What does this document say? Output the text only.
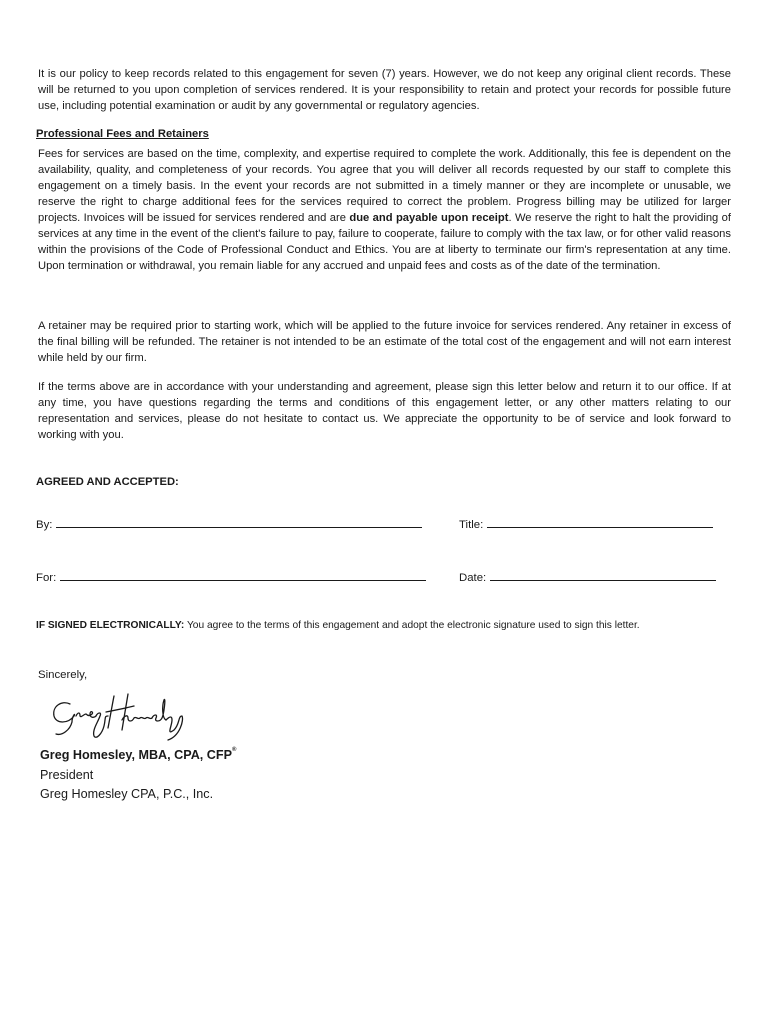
It is our policy to keep records related to this engagement for seven (7) years. However, we do not keep any original client records. These will be returned to you upon completion of services rendered. It is your responsibility to retain and protect your records for possible future use, including potential examination or audit by any governmental or regulatory agencies.

Professional Fees and Retainers

Fees for services are based on the time, complexity, and expertise required to complete the work. Additionally, this fee is dependent on the availability, quality, and completeness of your records. You agree that you will deliver all records requested by our staff to complete this engagement on a timely basis. In the event your records are not submitted in a timely manner or they are incomplete or unusable, we reserve the right to charge additional fees for the services required to correct the problem. Progress billing may be utilized for larger projects. Invoices will be issued for services rendered and are due and payable upon receipt. We reserve the right to halt the providing of services at any time in the event of the client's failure to pay, failure to cooperate, failure to comply with the tax law, or for other valid reasons within the provisions of the Code of Professional Conduct and Ethics. You are at liberty to terminate our firm's representation at any time. Upon termination or withdrawal, you remain liable for any accrued and unpaid fees and costs as of the date of the termination.

A retainer may be required prior to starting work, which will be applied to the future invoice for services rendered. Any retainer in excess of the final billing will be refunded. The retainer is not intended to be an estimate of the total cost of the engagement and will not earn interest while held by our firm.

If the terms above are in accordance with your understanding and agreement, please sign this letter below and return it to our office. If at any time, you have questions regarding the terms and conditions of this engagement letter, or any other matters relating to our representation and services, please do not hesitate to contact us. We appreciate the opportunity to be of service and look forward to working with you.

AGREED AND ACCEPTED:

By:	Title:
For:	Date:

IF SIGNED ELECTRONICALLY: You agree to the terms of this engagement and adopt the electronic signature used to sign this letter.

Sincerely,

Greg Homesley, MBA, CPA, CFP®

President

Greg Homesley CPA, P.C., Inc.
